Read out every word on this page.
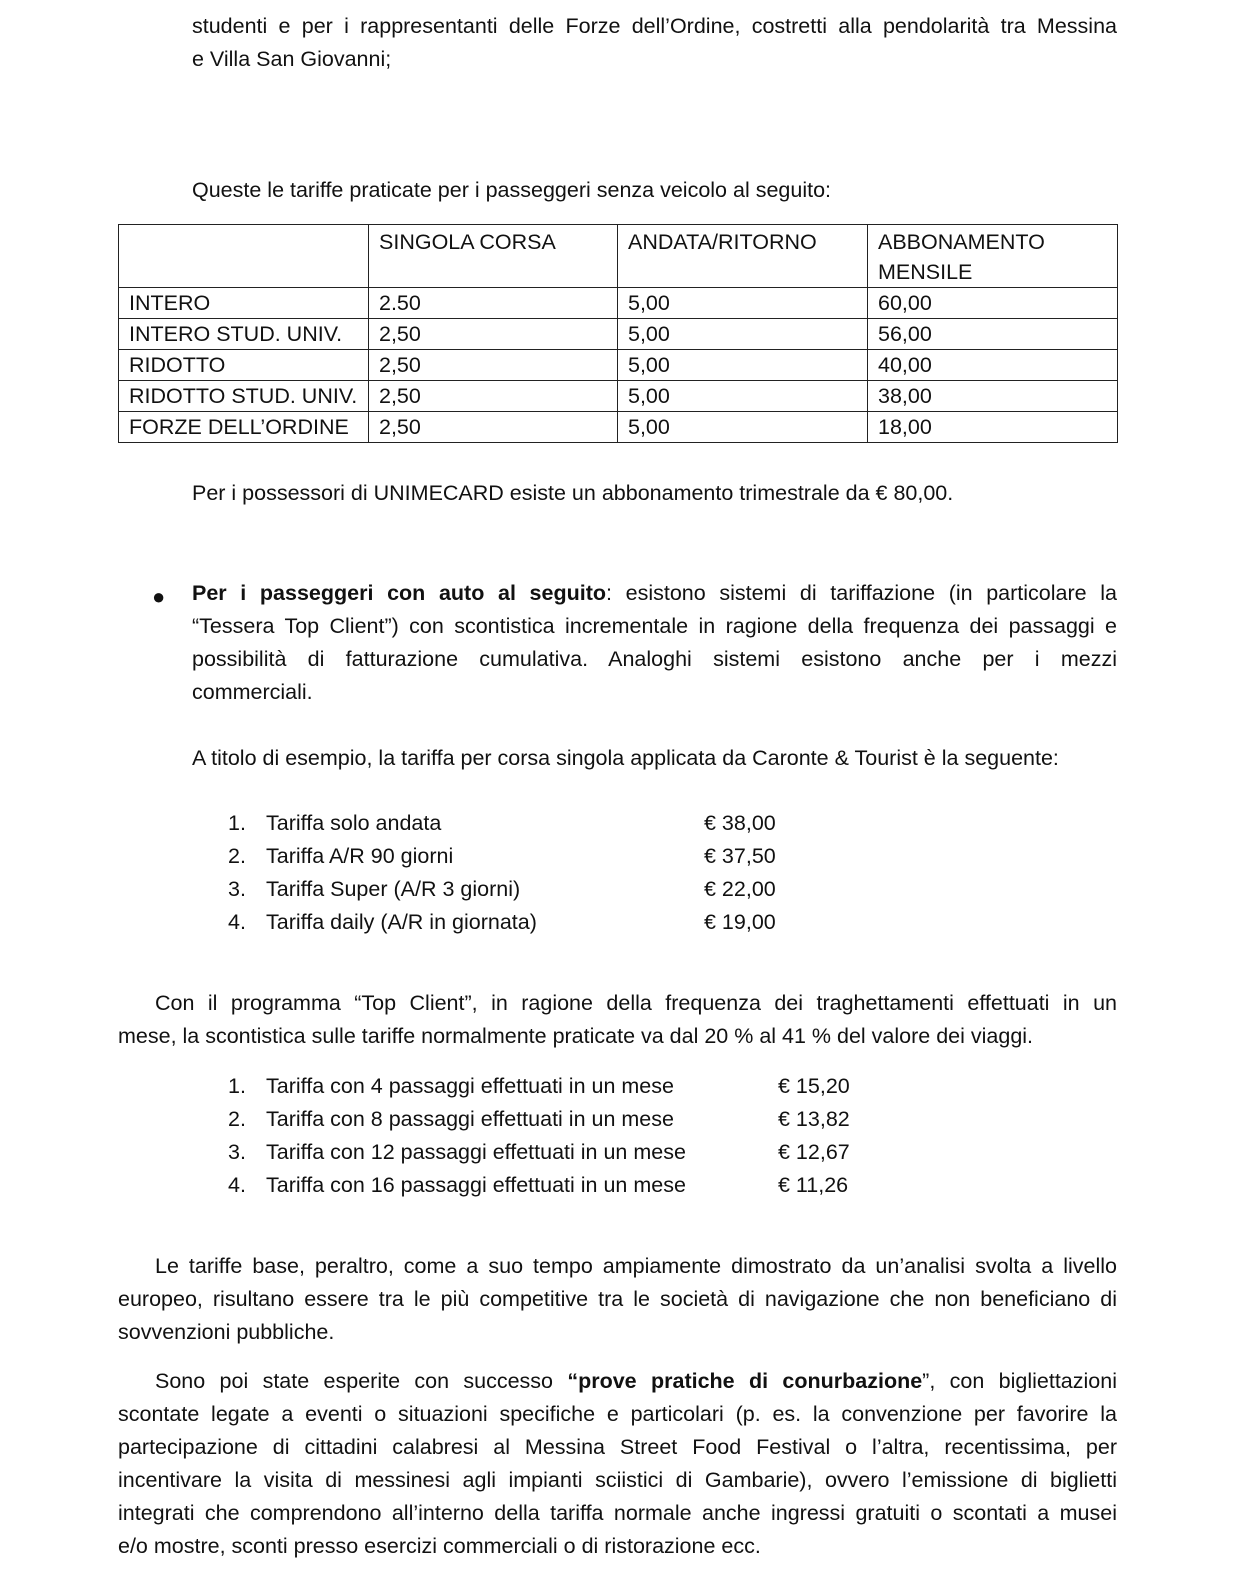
studenti e per i rappresentanti delle Forze dell’Ordine, costretti alla pendolarità tra Messina
e Villa San Giovanni;
Queste le tariffe praticate per i passeggeri senza veicolo al seguito:
	SINGOLA CORSA	ANDATA/RITORNO	ABBONAMENTO MENSILE
INTERO	2.50	5,00	60,00
INTERO STUD. UNIV.	2,50	5,00	56,00
RIDOTTO	2,50	5,00	40,00
RIDOTTO STUD. UNIV.	2,50	5,00	38,00
FORZE DELL’ORDINE	2,50	5,00	18,00
Per i possessori di UNIMECARD esiste un abbonamento trimestrale da € 80,00.
● Per i passeggeri con auto al seguito: esistono sistemi di tariffazione (in particolare la
“Tessera Top Client”) con scontistica incrementale in ragione della frequenza dei passaggi e
possibilità di fatturazione cumulativa. Analoghi sistemi esistono anche per i mezzi
commerciali.
A titolo di esempio, la tariffa per corsa singola applicata da Caronte & Tourist è la seguente:
1. Tariffa solo andata	€ 38,00
2. Tariffa A/R 90 giorni	€ 37,50
3. Tariffa Super (A/R 3 giorni)	€ 22,00
4. Tariffa daily (A/R in giornata)	€ 19,00
Con il programma “Top Client”, in ragione della frequenza dei traghettamenti effettuati in un
mese, la scontistica sulle tariffe normalmente praticate va dal 20 % al 41 % del valore dei viaggi.
1. Tariffa con 4 passaggi effettuati in un mese	€ 15,20
2. Tariffa con 8 passaggi effettuati in un mese	€ 13,82
3. Tariffa con 12 passaggi effettuati in un mese	€ 12,67
4. Tariffa con 16 passaggi effettuati in un mese	€ 11,26
Le tariffe base, peraltro, come a suo tempo ampiamente dimostrato da un’analisi svolta a livello
europeo, risultano essere tra le più competitive tra le società di navigazione che non beneficiano di
sovvenzioni pubbliche.
Sono poi state esperite con successo “prove pratiche di conurbazione”, con bigliettazioni
scontate legate a eventi o situazioni specifiche e particolari (p. es. la convenzione per favorire la
partecipazione di cittadini calabresi al Messina Street Food Festival o l’altra, recentissima, per
incentivare la visita di messinesi agli impianti sciistici di Gambarie), ovvero l’emissione di biglietti
integrati che comprendono all’interno della tariffa normale anche ingressi gratuiti o scontati a musei
e/o mostre, sconti presso esercizi commerciali o di ristorazione ecc.
